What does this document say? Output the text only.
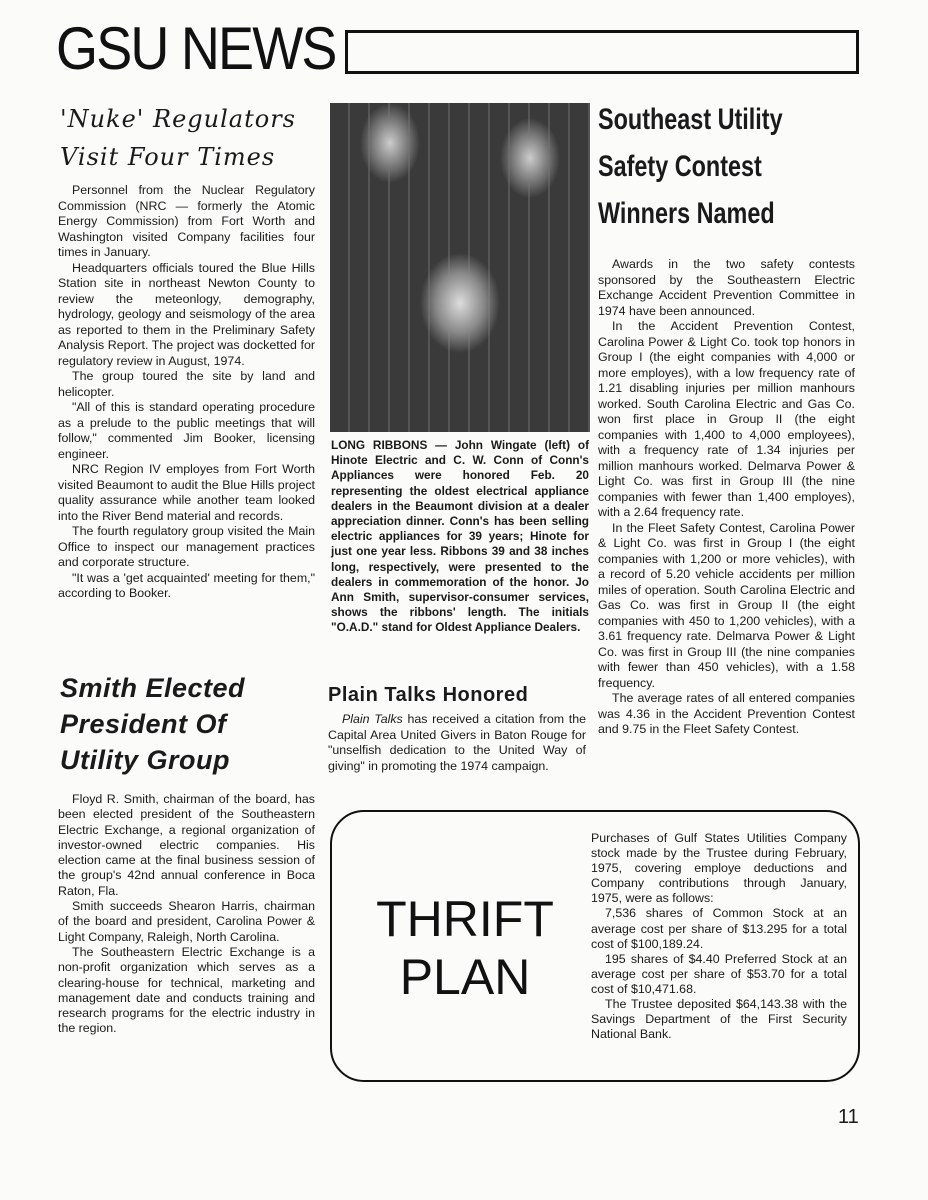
GSU NEWS
'Nuke' Regulators
Visit Four Times

Personnel from the Nuclear Regulatory Commission (NRC — formerly the Atomic Energy Commission) from Fort Worth and Washington visited Company facilities four times in January.

Headquarters officials toured the Blue Hills Station site in northeast Newton County to review the meteonlogy, demography, hydrology, geology and seismology of the area as reported to them in the Preliminary Safety Analysis Report. The project was docketted for regulatory review in August, 1974.

The group toured the site by land and helicopter.

"All of this is standard operating procedure as a prelude to the public meetings that will follow," commented Jim Booker, licensing engineer.

NRC Region IV employes from Fort Worth visited Beaumont to audit the Blue Hills project quality assurance while another team looked into the River Bend material and records.

The fourth regulatory group visited the Main Office to inspect our management practices and corporate structure.

"It was a 'get acquainted' meeting for them," according to Booker.

Smith Elected
President Of
Utility Group

Floyd R. Smith, chairman of the board, has been elected president of the Southeastern Electric Exchange, a regional organization of investor-owned electric companies. His election came at the final business session of the group's 42nd annual conference in Boca Raton, Fla.

Smith succeeds Shearon Harris, chairman of the board and president, Carolina Power & Light Company, Raleigh, North Carolina.

The Southeastern Electric Exchange is a non-profit organization which serves as a clearing-house for technical, marketing and management date and conducts training and research programs for the electric industry in the region.

LONG RIBBONS — John Wingate (left) of Hinote Electric and C. W. Conn of Conn's Appliances were honored Feb. 20 representing the oldest electrical appliance dealers in the Beaumont division at a dealer appreciation dinner. Conn's has been selling electric appliances for 39 years; Hinote for just one year less. Ribbons 39 and 38 inches long, respectively, were presented to the dealers in commemoration of the honor. Jo Ann Smith, supervisor-consumer services, shows the ribbons' length. The initials "O.A.D." stand for Oldest Appliance Dealers.
Plain Talks Honored
Plain Talks has received a citation from the Capital Area United Givers in Baton Rouge for "unselfish dedication to the United Way of giving" in promoting the 1974 campaign.
Southeast Utility
Safety Contest
Winners Named

Awards in the two safety contests sponsored by the Southeastern Electric Exchange Accident Prevention Committee in 1974 have been announced.

In the Accident Prevention Contest, Carolina Power & Light Co. took top honors in Group I (the eight companies with 4,000 or more employes), with a low frequency rate of 1.21 disabling injuries per million manhours worked. South Carolina Electric and Gas Co. won first place in Group II (the eight companies with 1,400 to 4,000 employees), with a frequency rate of 1.34 injuries per million manhours worked. Delmarva Power & Light Co. was first in Group III (the nine companies with fewer than 1,400 employes), with a 2.64 frequency rate.

In the Fleet Safety Contest, Carolina Power & Light Co. was first in Group I (the eight companies with 1,200 or more vehicles), with a record of 5.20 vehicle accidents per million miles of operation. South Carolina Electric and Gas Co. was first in Group II (the eight companies with 450 to 1,200 vehicles), with a 3.61 frequency rate. Delmarva Power & Light Co. was first in Group III (the nine companies with fewer than 450 vehicles), with a 1.58 frequency.

The average rates of all entered companies was 4.36 in the Accident Prevention Contest and 9.75 in the Fleet Safety Contest.

THRIFT
PLAN

Purchases of Gulf States Utilities Company stock made by the Trustee during February, 1975, covering employe deductions and Company contributions through January, 1975, were as follows:

7,536 shares of Common Stock at an average cost per share of $13.295 for a total cost of $100,189.24.

195 shares of $4.40 Preferred Stock at an average cost per share of $53.70 for a total cost of $10,471.68.

The Trustee deposited $64,143.38 with the Savings Department of the First Security National Bank.

11
